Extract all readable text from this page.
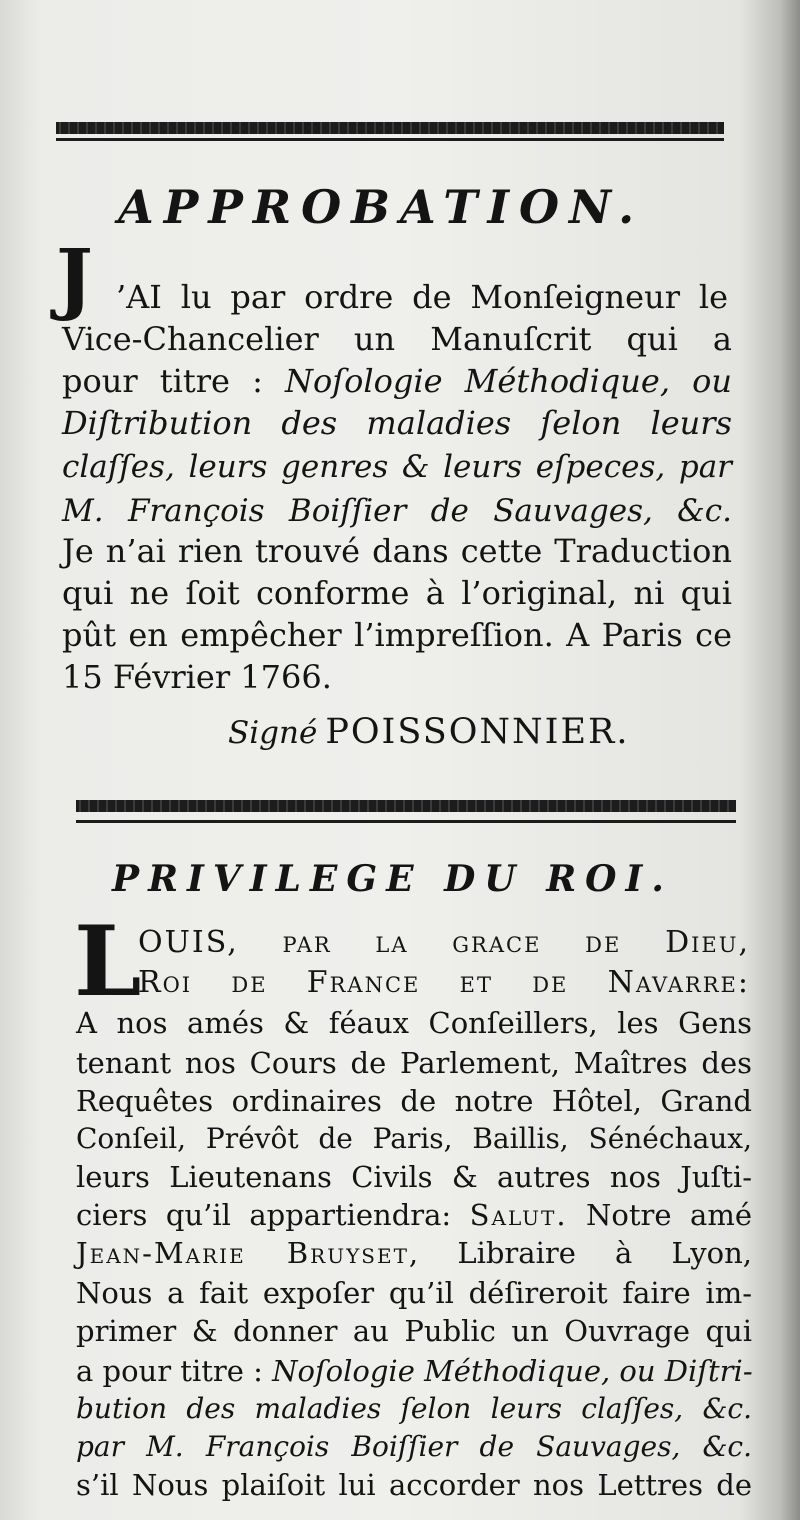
APPROBATION.
J ’AI lu par ordre de Monſeigneur le
Vice-Chancelier un Manuſcrit qui a
pour titre : Noſologie Méthodique, ou
Diſtribution des maladies ſelon leurs
claſſes, leurs genres & leurs eſpeces, par
M. François Boiſſier de Sauvages, &c.
Je n’ai rien trouvé dans cette Traduction
qui ne ſoit conforme à l’original, ni qui
pût en empêcher l’impreſſion. A Paris ce
15 Février 1766.
Signé POISSONNIER.
PRIVILEGE DU ROI.
L
OUIS, par la grace de Dieu,
Roi de France et de Navarre:
A nos amés & féaux Conſeillers, les Gens
tenant nos Cours de Parlement, Maîtres des
Requêtes ordinaires de notre Hôtel, Grand
Conſeil, Prévôt de Paris, Baillis, Sénéchaux,
leurs Lieutenans Civils & autres nos Juſti-
ciers qu’il appartiendra: Salut. Notre amé
Jean-Marie Bruyset, Libraire à Lyon,
Nous a fait expoſer qu’il déſireroit faire im-
primer & donner au Public un Ouvrage qui
a pour titre : Noſologie Méthodique, ou Diſtri-
bution des maladies ſelon leurs claſſes, &c.
par M. François Boiſſier de Sauvages, &c.
s’il Nous plaiſoit lui accorder nos Lettres de
